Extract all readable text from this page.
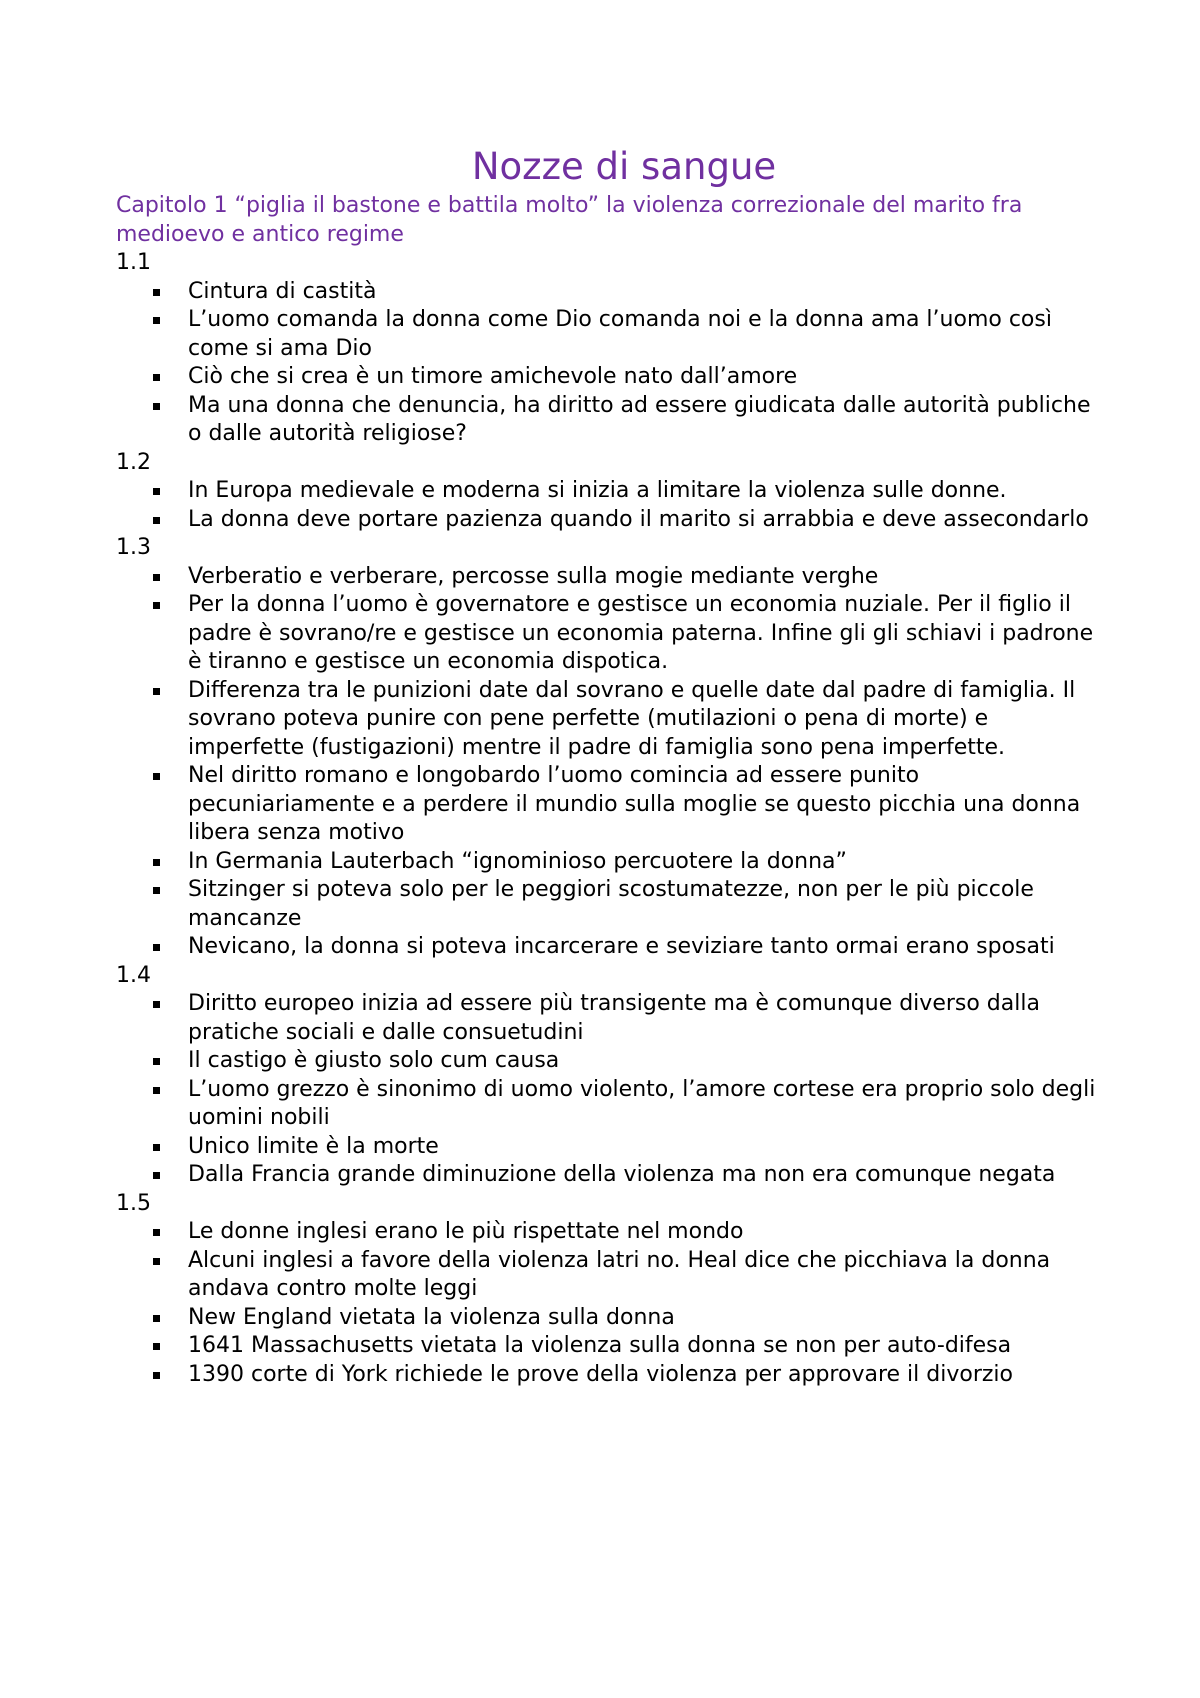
Nozze di sangue
Capitolo 1 “piglia il bastone e battila molto” la violenza correzionale del marito fra medioevo e antico regime

1.1

Cintura di castità
L’uomo comanda la donna come Dio comanda noi e la donna ama l’uomo così come si ama Dio
Ciò che si crea è un timore amichevole nato dall’amore
Ma una donna che denuncia, ha diritto ad essere giudicata dalle autorità publiche o dalle autorità religiose?

1.2

In Europa medievale e moderna si inizia a limitare la violenza sulle donne.
La donna deve portare pazienza quando il marito si arrabbia e deve assecondarlo

1.3

Verberatio e verberare, percosse sulla mogie mediante verghe
Per la donna l’uomo è governatore e gestisce un economia nuziale. Per il figlio il padre è sovrano/re e gestisce un economia paterna. Infine gli gli schiavi i padrone è tiranno e gestisce un economia dispotica.
Differenza tra le punizioni date dal sovrano e quelle date dal padre di famiglia. Il sovrano poteva punire con pene perfette (mutilazioni o pena di morte) e imperfette (fustigazioni) mentre il padre di famiglia sono pena imperfette.
Nel diritto romano e longobardo l’uomo comincia ad essere punito pecuniariamente e a perdere il mundio sulla moglie se questo picchia una donna libera senza motivo
In Germania Lauterbach “ignominioso percuotere la donna”
Sitzinger si poteva solo per le peggiori scostumatezze, non per le più piccole mancanze
Nevicano, la donna si poteva incarcerare e seviziare tanto ormai erano sposati

1.4

Diritto europeo inizia ad essere più transigente ma è comunque diverso dalla pratiche sociali e dalle consuetudini
Il castigo è giusto solo cum causa
L’uomo grezzo è sinonimo di uomo violento, l’amore cortese era proprio solo degli uomini nobili
Unico limite è la morte
Dalla Francia grande diminuzione della violenza ma non era comunque negata

1.5

Le donne inglesi erano le più rispettate nel mondo
Alcuni inglesi a favore della violenza latri no. Heal dice che picchiava la donna andava contro molte leggi
New England vietata la violenza sulla donna
1641 Massachusetts vietata la violenza sulla donna se non per auto-difesa
1390 corte di York richiede le prove della violenza per approvare il divorzio
